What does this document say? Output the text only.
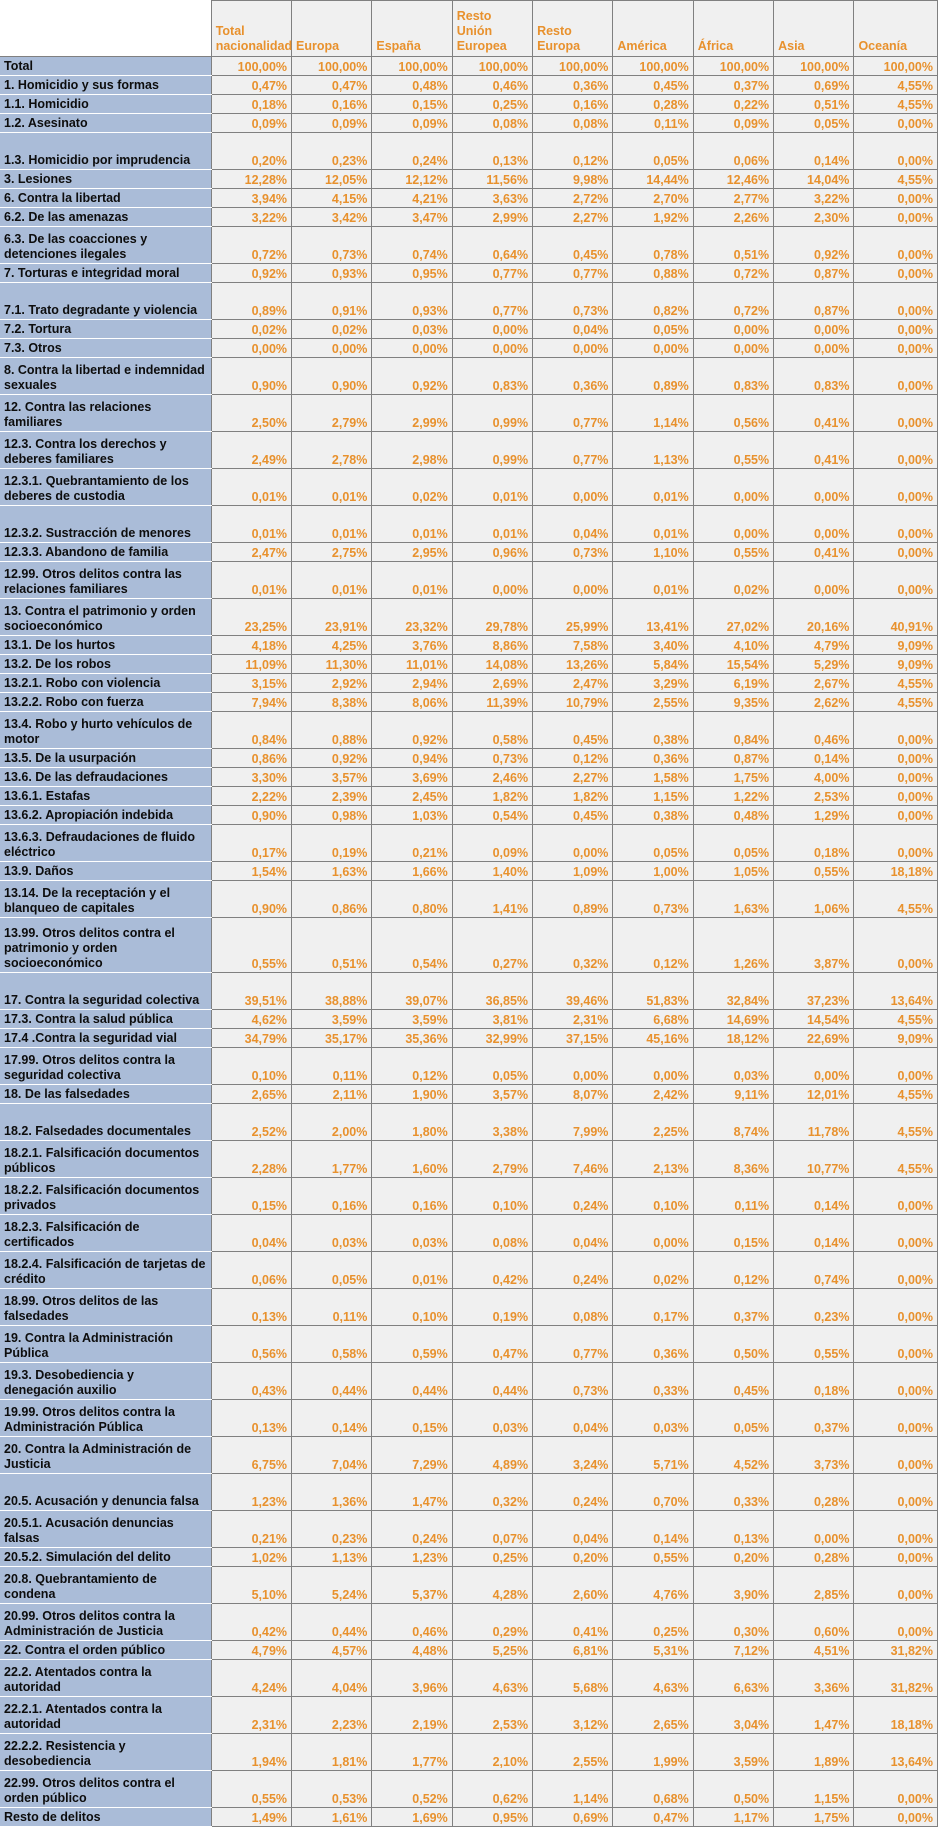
	Total nacionalidad	Europa	España	Resto Unión Europea	Resto Europa	América	África	Asia	Oceanía
Total	100,00%	100,00%	100,00%	100,00%	100,00%	100,00%	100,00%	100,00%	100,00%
1. Homicidio y sus formas	0,47%	0,47%	0,48%	0,46%	0,36%	0,45%	0,37%	0,69%	4,55%
1.1. Homicidio	0,18%	0,16%	0,15%	0,25%	0,16%	0,28%	0,22%	0,51%	4,55%
1.2. Asesinato	0,09%	0,09%	0,09%	0,08%	0,08%	0,11%	0,09%	0,05%	0,00%
1.3. Homicidio por imprudencia	0,20%	0,23%	0,24%	0,13%	0,12%	0,05%	0,06%	0,14%	0,00%
3. Lesiones	12,28%	12,05%	12,12%	11,56%	9,98%	14,44%	12,46%	14,04%	4,55%
6. Contra la libertad	3,94%	4,15%	4,21%	3,63%	2,72%	2,70%	2,77%	3,22%	0,00%
6.2. De las amenazas	3,22%	3,42%	3,47%	2,99%	2,27%	1,92%	2,26%	2,30%	0,00%
6.3. De las coacciones y detenciones ilegales	0,72%	0,73%	0,74%	0,64%	0,45%	0,78%	0,51%	0,92%	0,00%
7. Torturas e integridad moral	0,92%	0,93%	0,95%	0,77%	0,77%	0,88%	0,72%	0,87%	0,00%
7.1. Trato degradante y violencia	0,89%	0,91%	0,93%	0,77%	0,73%	0,82%	0,72%	0,87%	0,00%
7.2. Tortura	0,02%	0,02%	0,03%	0,00%	0,04%	0,05%	0,00%	0,00%	0,00%
7.3. Otros	0,00%	0,00%	0,00%	0,00%	0,00%	0,00%	0,00%	0,00%	0,00%
8. Contra la libertad e indemnidad sexuales	0,90%	0,90%	0,92%	0,83%	0,36%	0,89%	0,83%	0,83%	0,00%
12. Contra las relaciones familiares	2,50%	2,79%	2,99%	0,99%	0,77%	1,14%	0,56%	0,41%	0,00%
12.3. Contra los derechos y deberes familiares	2,49%	2,78%	2,98%	0,99%	0,77%	1,13%	0,55%	0,41%	0,00%
12.3.1. Quebrantamiento de los deberes de custodia	0,01%	0,01%	0,02%	0,01%	0,00%	0,01%	0,00%	0,00%	0,00%
12.3.2. Sustracción de menores	0,01%	0,01%	0,01%	0,01%	0,04%	0,01%	0,00%	0,00%	0,00%
12.3.3. Abandono de familia	2,47%	2,75%	2,95%	0,96%	0,73%	1,10%	0,55%	0,41%	0,00%
12.99. Otros delitos contra las relaciones familiares	0,01%	0,01%	0,01%	0,00%	0,00%	0,01%	0,02%	0,00%	0,00%
13. Contra el patrimonio y orden socioeconómico	23,25%	23,91%	23,32%	29,78%	25,99%	13,41%	27,02%	20,16%	40,91%
13.1. De los hurtos	4,18%	4,25%	3,76%	8,86%	7,58%	3,40%	4,10%	4,79%	9,09%
13.2. De los robos	11,09%	11,30%	11,01%	14,08%	13,26%	5,84%	15,54%	5,29%	9,09%
13.2.1. Robo con violencia	3,15%	2,92%	2,94%	2,69%	2,47%	3,29%	6,19%	2,67%	4,55%
13.2.2. Robo con fuerza	7,94%	8,38%	8,06%	11,39%	10,79%	2,55%	9,35%	2,62%	4,55%
13.4. Robo y hurto vehículos de motor	0,84%	0,88%	0,92%	0,58%	0,45%	0,38%	0,84%	0,46%	0,00%
13.5. De la usurpación	0,86%	0,92%	0,94%	0,73%	0,12%	0,36%	0,87%	0,14%	0,00%
13.6. De las defraudaciones	3,30%	3,57%	3,69%	2,46%	2,27%	1,58%	1,75%	4,00%	0,00%
13.6.1. Estafas	2,22%	2,39%	2,45%	1,82%	1,82%	1,15%	1,22%	2,53%	0,00%
13.6.2. Apropiación indebida	0,90%	0,98%	1,03%	0,54%	0,45%	0,38%	0,48%	1,29%	0,00%
13.6.3. Defraudaciones de fluido eléctrico	0,17%	0,19%	0,21%	0,09%	0,00%	0,05%	0,05%	0,18%	0,00%
13.9. Daños	1,54%	1,63%	1,66%	1,40%	1,09%	1,00%	1,05%	0,55%	18,18%
13.14. De la receptación y el blanqueo de capitales	0,90%	0,86%	0,80%	1,41%	0,89%	0,73%	1,63%	1,06%	4,55%
13.99. Otros delitos contra el patrimonio y orden socioeconómico	0,55%	0,51%	0,54%	0,27%	0,32%	0,12%	1,26%	3,87%	0,00%
17. Contra la seguridad colectiva	39,51%	38,88%	39,07%	36,85%	39,46%	51,83%	32,84%	37,23%	13,64%
17.3. Contra la salud pública	4,62%	3,59%	3,59%	3,81%	2,31%	6,68%	14,69%	14,54%	4,55%
17.4 .Contra la seguridad vial	34,79%	35,17%	35,36%	32,99%	37,15%	45,16%	18,12%	22,69%	9,09%
17.99. Otros delitos contra la seguridad colectiva	0,10%	0,11%	0,12%	0,05%	0,00%	0,00%	0,03%	0,00%	0,00%
18. De las falsedades	2,65%	2,11%	1,90%	3,57%	8,07%	2,42%	9,11%	12,01%	4,55%
18.2. Falsedades documentales	2,52%	2,00%	1,80%	3,38%	7,99%	2,25%	8,74%	11,78%	4,55%
18.2.1. Falsificación documentos públicos	2,28%	1,77%	1,60%	2,79%	7,46%	2,13%	8,36%	10,77%	4,55%
18.2.2. Falsificación documentos privados	0,15%	0,16%	0,16%	0,10%	0,24%	0,10%	0,11%	0,14%	0,00%
18.2.3. Falsificación de certificados	0,04%	0,03%	0,03%	0,08%	0,04%	0,00%	0,15%	0,14%	0,00%
18.2.4. Falsificación de tarjetas de crédito	0,06%	0,05%	0,01%	0,42%	0,24%	0,02%	0,12%	0,74%	0,00%
18.99. Otros delitos de las falsedades	0,13%	0,11%	0,10%	0,19%	0,08%	0,17%	0,37%	0,23%	0,00%
19. Contra la Administración Pública	0,56%	0,58%	0,59%	0,47%	0,77%	0,36%	0,50%	0,55%	0,00%
19.3. Desobediencia y denegación auxilio	0,43%	0,44%	0,44%	0,44%	0,73%	0,33%	0,45%	0,18%	0,00%
19.99. Otros delitos contra la Administración Pública	0,13%	0,14%	0,15%	0,03%	0,04%	0,03%	0,05%	0,37%	0,00%
20. Contra la Administración de Justicia	6,75%	7,04%	7,29%	4,89%	3,24%	5,71%	4,52%	3,73%	0,00%
20.5. Acusación y denuncia falsa	1,23%	1,36%	1,47%	0,32%	0,24%	0,70%	0,33%	0,28%	0,00%
20.5.1. Acusación denuncias falsas	0,21%	0,23%	0,24%	0,07%	0,04%	0,14%	0,13%	0,00%	0,00%
20.5.2. Simulación del delito	1,02%	1,13%	1,23%	0,25%	0,20%	0,55%	0,20%	0,28%	0,00%
20.8. Quebrantamiento de condena	5,10%	5,24%	5,37%	4,28%	2,60%	4,76%	3,90%	2,85%	0,00%
20.99. Otros delitos contra la Administración de Justicia	0,42%	0,44%	0,46%	0,29%	0,41%	0,25%	0,30%	0,60%	0,00%
22. Contra el orden público	4,79%	4,57%	4,48%	5,25%	6,81%	5,31%	7,12%	4,51%	31,82%
22.2. Atentados contra la autoridad	4,24%	4,04%	3,96%	4,63%	5,68%	4,63%	6,63%	3,36%	31,82%
22.2.1. Atentados contra la autoridad	2,31%	2,23%	2,19%	2,53%	3,12%	2,65%	3,04%	1,47%	18,18%
22.2.2. Resistencia y desobediencia	1,94%	1,81%	1,77%	2,10%	2,55%	1,99%	3,59%	1,89%	13,64%
22.99. Otros delitos contra el orden público	0,55%	0,53%	0,52%	0,62%	1,14%	0,68%	0,50%	1,15%	0,00%
Resto de delitos	1,49%	1,61%	1,69%	0,95%	0,69%	0,47%	1,17%	1,75%	0,00%
